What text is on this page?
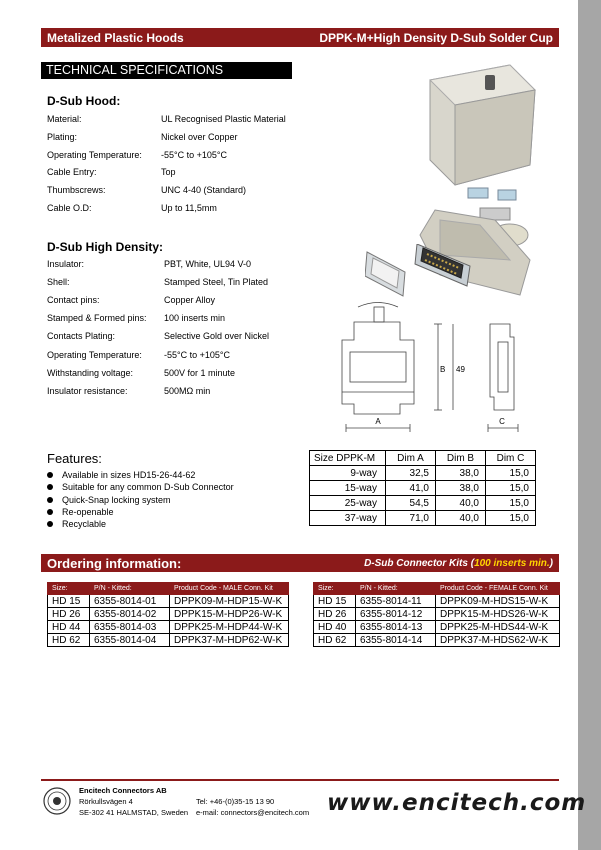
Metalized Plastic Hoods	DPPK-M+High Density D-Sub Solder Cup
TECHNICAL SPECIFICATIONS
D-Sub Hood:
Material:	UL Recognised Plastic Material
Plating:	Nickel over Copper
Operating Temperature: -55°C to +105°C
Cable Entry:	Top
Thumbscrews:	UNC 4-40 (Standard)
Cable O.D:	Up to 11,5mm
D-Sub High Density:
Insulator:	PBT, White, UL94 V-0
Shell:	Stamped Steel, Tin Plated
Contact pins:	Copper Alloy
Stamped & Formed pins: 100 inserts min
Contacts Plating:	Selective Gold over Nickel
Operating Temperature: -55°C to +105°C
Withstanding voltage:	500V for 1 minute
Insulator resistance:	500MΩ min
A
B 49
C
Features:
Available in sizes HD15-26-44-62
Suitable for any common D-Sub Connector
Quick-Snap locking system
Re-openable
Recyclable
Size DPPK-M	Dim A	Dim B	Dim C
9-way	32,5	38,0	15,0
15-way	41,0	38,0	15,0
25-way	54,5	40,0	15,0
37-way	71,0	40,0	15,0
Ordering information:	D-Sub Connector Kits (100 inserts min.)
Size:	P/N - Kitted:	Product Code - MALE Conn. Kit
HD 15	6355-8014-01	DPPK09-M-HDP15-W-K
HD 26	6355-8014-02	DPPK15-M-HDP26-W-K
HD 44	6355-8014-03	DPPK25-M-HDP44-W-K
HD 62	6355-8014-04	DPPK37-M-HDP62-W-K
Size:	P/N - Kitted:	Product Code - FEMALE Conn. Kit
HD 15	6355-8014-11	DPPK09-M-HDS15-W-K
HD 26	6355-8014-12	DPPK15-M-HDS26-W-K
HD 40	6355-8014-13	DPPK25-M-HDS44-W-K
HD 62	6355-8014-14	DPPK37-M-HDS62-W-K
Encitech Connectors AB
Rörkullsvägen 4
SE-302 41 HALMSTAD, Sweden
Tel: +46-(0)35-15 13 90
e-mail: connectors@encitech.com www.encitech.com
